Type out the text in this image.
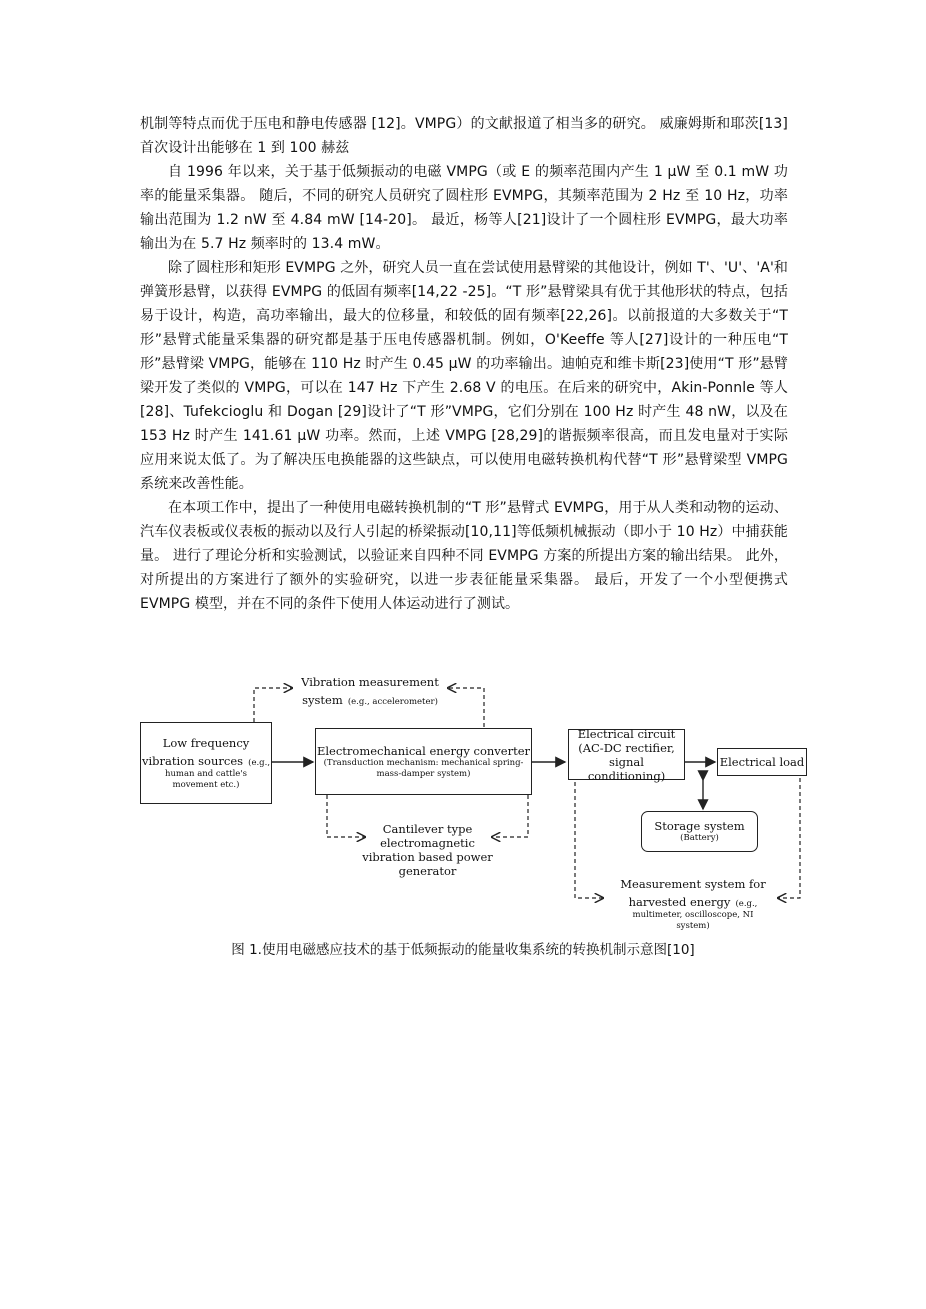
机制等特点而优于压电和静电传感器 [12]。VMPG）的文献报道了相当多的研究。 威廉姆斯和耶茨[13]首次设计出能够在 1 到 100 赫兹

自 1996 年以来，关于基于低频振动的电磁 VMPG（或 E 的频率范围内产生 1 μW 至 0.1 mW 功率的能量采集器。 随后，不同的研究人员研究了圆柱形 EVMPG，其频率范围为 2 Hz 至 10 Hz，功率输出范围为 1.2 nW 至 4.84 mW [14-20]。 最近，杨等人[21]设计了一个圆柱形 EVMPG，最大功率输出为在 5.7 Hz 频率时的 13.4 mW。

除了圆柱形和矩形 EVMPG 之外，研究人员一直在尝试使用悬臂梁的其他设计，例如 T'、'U'、'A'和弹簧形悬臂，以获得 EVMPG 的低固有频率[14,22 -25]。“T 形”悬臂梁具有优于其他形状的特点，包括易于设计，构造，高功率输出，最大的位移量，和较低的固有频率[22,26]。以前报道的大多数关于“T 形”悬臂式能量采集器的研究都是基于压电传感器机制。例如，O'Keeffe 等人[27]设计的一种压电“T 形”悬臂梁 VMPG，能够在 110 Hz 时产生 0.45 μW 的功率输出。迪帕克和维卡斯[23]使用“T 形”悬臂梁开发了类似的 VMPG，可以在 147 Hz 下产生 2.68 V 的电压。在后来的研究中，Akin-Ponnle 等人 [28]、Tufekcioglu 和 Dogan [29]设计了“T 形”VMPG，它们分别在 100 Hz 时产生 48 nW，以及在 153 Hz 时产生 141.61 μW 功率。然而，上述 VMPG [28,29]的谐振频率很高，而且发电量对于实际应用来说太低了。为了解决压电换能器的这些缺点，可以使用电磁转换机构代替“T 形”悬臂梁型 VMPG 系统来改善性能。

在本项工作中，提出了一种使用电磁转换机制的“T 形”悬臂式 EVMPG，用于从人类和动物的运动、汽车仪表板或仪表板的振动以及行人引起的桥梁振动[10,11]等低频机械振动（即小于 10 Hz）中捕获能量。 进行了理论分析和实验测试，以验证来自四种不同 EVMPG 方案的所提出方案的输出结果。 此外，对所提出的方案进行了额外的实验研究，以进一步表征能量采集器。 最后，开发了一个小型便携式 EVMPG 模型，并在不同的条件下使用人体运动进行了测试。

Vibration measurement
system (e.g., accelerometer)
Low frequency
vibration sources (e.g.,
human and cattle's
movement etc.)
Electromechanical energy converter
(Transduction mechanism: mechanical spring-
mass-damper system)
Electrical circuit
(AC-DC rectifier,
signal conditioning)
Electrical load
Storage system
(Battery)
Cantilever type
electromagnetic
vibration based power
generator
Measurement system for
harvested energy (e.g.,
multimeter, oscilloscope, NI
system)
图 1.使用电磁感应技术的基于低频振动的能量收集系统的转换机制示意图[10]
